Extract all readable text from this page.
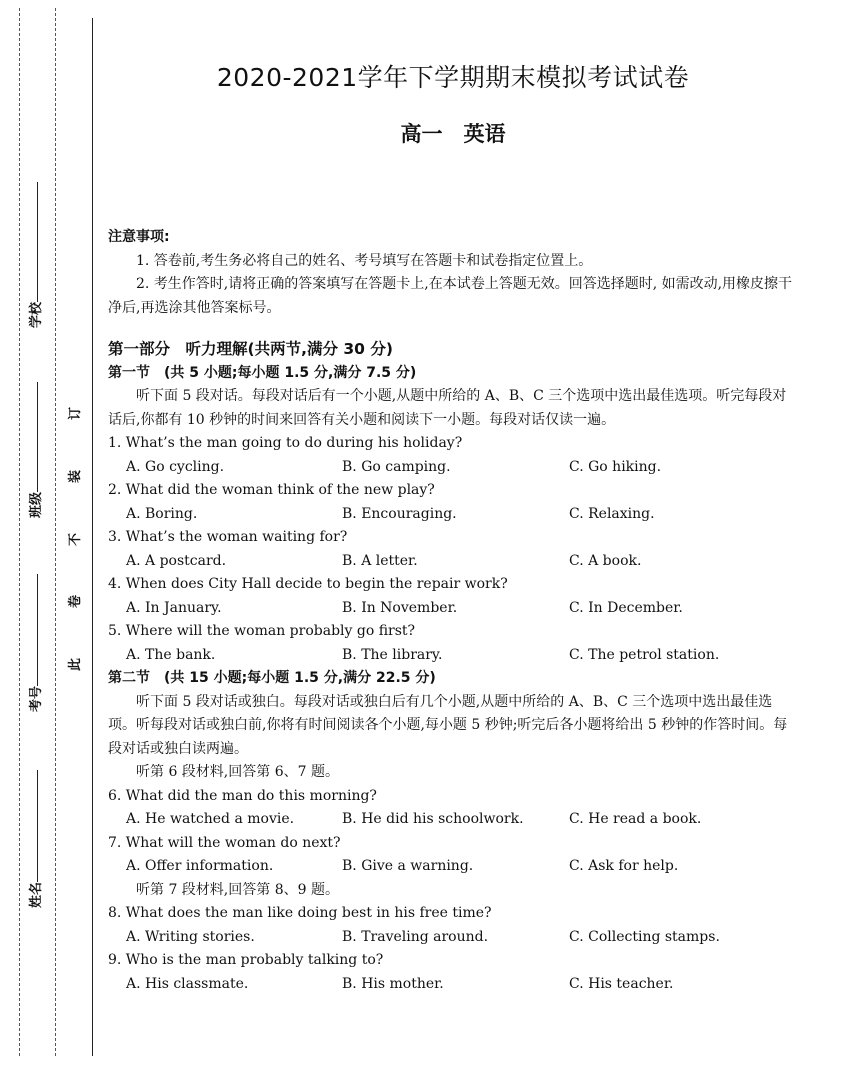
学校
班级
考号
姓名
订
装
不
卷
此
2020-2021学年下学期期末模拟考试试卷
高一　英语
注意事项:
1. 答卷前,考生务必将自己的姓名、考号填写在答题卡和试卷指定位置上。
2. 考生作答时,请将正确的答案填写在答题卡上,在本试卷上答题无效。回答选择题时, 如需改动,用橡皮擦干净后,再选涂其他答案标号。
第一部分　听力理解(共两节,满分 30 分)
第一节　(共 5 小题;每小题 1.5 分,满分 7.5 分)
听下面 5 段对话。每段对话后有一个小题,从题中所给的 A、B、C 三个选项中选出最佳选项。听完每段对话后,你都有 10 秒钟的时间来回答有关小题和阅读下一小题。每段对话仅读一遍。
1. What’s the man going to do during his holiday?
A. Go cycling.	B. Go camping.	C. Go hiking.
2. What did the woman think of the new play?
A. Boring.	B. Encouraging.	C. Relaxing.
3. What’s the woman waiting for?
A. A postcard.	B. A letter.	C. A book.
4. When does City Hall decide to begin the repair work?
A. In January.	B. In November.	C. In December.
5. Where will the woman probably go first?
A. The bank.	B. The library.	C. The petrol station.
第二节　(共 15 小题;每小题 1.5 分,满分 22.5 分)
听下面 5 段对话或独白。每段对话或独白后有几个小题,从题中所给的 A、B、C 三个选项中选出最佳选项。听每段对话或独白前,你将有时间阅读各个小题,每小题 5 秒钟;听完后各小题将给出 5 秒钟的作答时间。每段对话或独白读两遍。
听第 6 段材料,回答第 6、7 题。
6. What did the man do this morning?
A. He watched a movie.	B. He did his schoolwork.	C. He read a book.
7. What will the woman do next?
A. Offer information.	B. Give a warning.	C. Ask for help.
听第 7 段材料,回答第 8、9 题。
8. What does the man like doing best in his free time?
A. Writing stories.	B. Traveling around.	C. Collecting stamps.
9. Who is the man probably talking to?
A. His classmate.	B. His mother.	C. His teacher.
